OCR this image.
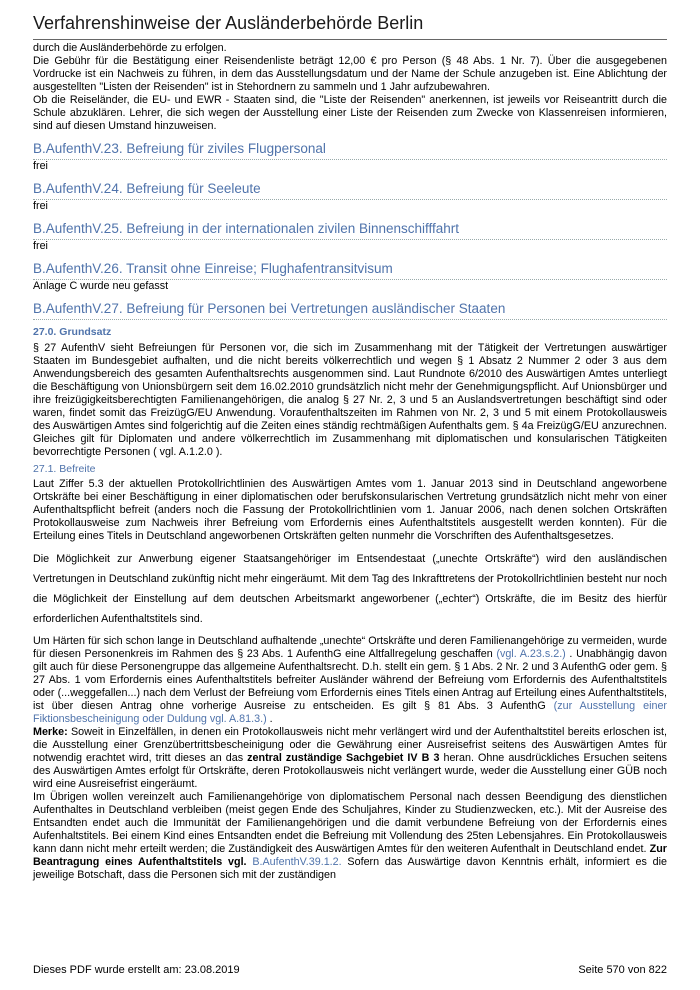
Verfahrenshinweise der Ausländerbehörde Berlin

durch die Ausländerbehörde zu erfolgen.

Die Gebühr für die Bestätigung einer Reisendenliste beträgt 12,00 € pro Person (§ 48 Abs. 1 Nr. 7). Über die ausgegebenen Vordrucke ist ein Nachweis zu führen, in dem das Ausstellungsdatum und der Name der Schule anzugeben ist. Eine Ablichtung der ausgestellten "Listen der Reisenden" ist in Stehordnern zu sammeln und 1 Jahr aufzubewahren.

Ob die Reiseländer, die EU- und EWR - Staaten sind, die "Liste der Reisenden" anerkennen, ist jeweils vor Reiseantritt durch die Schule abzuklären. Lehrer, die sich wegen der Ausstellung einer Liste der Reisenden zum Zwecke von Klassenreisen informieren, sind auf diesen Umstand hinzuweisen.

B.AufenthV.23. Befreiung für ziviles Flugpersonal

frei

B.AufenthV.24. Befreiung für Seeleute

frei

B.AufenthV.25. Befreiung in der internationalen zivilen Binnenschifffahrt

frei

B.AufenthV.26. Transit ohne Einreise; Flughafentransitvisum

Anlage C wurde neu gefasst

B.AufenthV.27. Befreiung für Personen bei Vertretungen ausländischer Staaten
27.0. Grundsatz

§ 27 AufenthV sieht Befreiungen für Personen vor, die sich im Zusammenhang mit der Tätigkeit der Vertretungen auswärtiger Staaten im Bundesgebiet aufhalten, und die nicht bereits völkerrechtlich und wegen § 1 Absatz 2 Nummer 2 oder 3 aus dem Anwendungsbereich des gesamten Aufenthaltsrechts ausgenommen sind. Laut Rundnote 6/2010 des Auswärtigen Amtes unterliegt die Beschäftigung von Unionsbürgern seit dem 16.02.2010 grundsätzlich nicht mehr der Genehmigungspflicht. Auf Unionsbürger und ihre freizügigkeitsberechtigten Familienangehörigen, die analog § 27 Nr. 2, 3 und 5 an Auslandsvertretungen beschäftigt sind oder waren, findet somit das FreizügG/EU Anwendung. Voraufenthaltszeiten im Rahmen von Nr. 2, 3 und 5 mit einem Protokollausweis des Auswärtigen Amtes sind folgerichtig auf die Zeiten eines ständig rechtmäßigen Aufenthalts gem. § 4a FreizügG/EU anzurechnen. Gleiches gilt für Diplomaten und andere völkerrechtlich im Zusammenhang mit diplomatischen und konsularischen Tätigkeiten bevorrechtigte Personen ( vgl. A.1.2.0 ).

27.1. Befreite

Laut Ziffer 5.3 der aktuellen Protokollrichtlinien des Auswärtigen Amtes vom 1. Januar 2013 sind in Deutschland angeworbene Ortskräfte bei einer Beschäftigung in einer diplomatischen oder berufskonsularischen Vertretung grundsätzlich nicht mehr von einer Aufenthaltspflicht befreit (anders noch die Fassung der Protokollrichtlinien vom 1. Januar 2006, nach denen solchen Ortskräften Protokollausweise zum Nachweis ihrer Befreiung vom Erfordernis eines Aufenthaltstitels ausgestellt werden konnten). Für die Erteilung eines Titels in Deutschland angeworbenen Ortskräften gelten nunmehr die Vorschriften des Aufenthaltsgesetzes.

Die Möglichkeit zur Anwerbung eigener Staatsangehöriger im Entsendestaat („unechte Ortskräfte“) wird den ausländischen Vertretungen in Deutschland zukünftig nicht mehr eingeräumt. Mit dem Tag des Inkrafttretens der Protokollrichtlinien besteht nur noch die Möglichkeit der Einstellung auf dem deutschen Arbeitsmarkt angeworbener („echter“) Ortskräfte, die im Besitz des hierfür erforderlichen Aufenthaltstitels sind.

Um Härten für sich schon lange in Deutschland aufhaltende „unechte“ Ortskräfte und deren Familienangehörige zu vermeiden, wurde für diesen Personenkreis im Rahmen des § 23 Abs. 1 AufenthG eine Altfallregelung geschaffen (vgl. A.23.s.2.) . Unabhängig davon gilt auch für diese Personengruppe das allgemeine Aufenthaltsrecht. D.h. stellt ein gem. § 1 Abs. 2 Nr. 2 und 3 AufenthG oder gem. § 27 Abs. 1 vom Erfordernis eines Aufenthaltstitels befreiter Ausländer während der Befreiung vom Erfordernis des Aufenthaltstitels oder (...weggefallen...) nach dem Verlust der Befreiung vom Erfordernis eines Titels einen Antrag auf Erteilung eines Aufenthaltstitels, ist über diesen Antrag ohne vorherige Ausreise zu entscheiden. Es gilt § 81 Abs. 3 AufenthG (zur Ausstellung einer Fiktionsbescheinigung oder Duldung vgl. A.81.3.) .

Merke: Soweit in Einzelfällen, in denen ein Protokollausweis nicht mehr verlängert wird und der Aufenthaltstitel bereits erloschen ist, die Ausstellung einer Grenzübertrittsbescheinigung oder die Gewährung einer Ausreisefrist seitens des Auswärtigen Amtes für notwendig erachtet wird, tritt dieses an das zentral zuständige Sachgebiet IV B 3 heran. Ohne ausdrückliches Ersuchen seitens des Auswärtigen Amtes erfolgt für Ortskräfte, deren Protokollausweis nicht verlängert wurde, weder die Ausstellung einer GÜB noch wird eine Ausreisefrist eingeräumt.

Im Übrigen wollen vereinzelt auch Familienangehörige von diplomatischem Personal nach dessen Beendigung des dienstlichen Aufenthaltes in Deutschland verbleiben (meist gegen Ende des Schuljahres, Kinder zu Studienzwecken, etc.). Mit der Ausreise des Entsandten endet auch die Immunität der Familienangehörigen und die damit verbundene Befreiung von der Erfordernis eines Aufenhaltstitels. Bei einem Kind eines Entsandten endet die Befreiung mit Vollendung des 25ten Lebensjahres. Ein Protokollausweis kann dann nicht mehr erteilt werden; die Zuständigkeit des Auswärtigen Amtes für den weiteren Aufenthalt in Deutschland endet. Zur Beantragung eines Aufenthaltstitels vgl. B.AufenthV.39.1.2. Sofern das Auswärtige davon Kenntnis erhält, informiert es die jeweilige Botschaft, dass die Personen sich mit der zuständigen

Dieses PDF wurde erstellt am: 23.08.2019	Seite 570 von 822
